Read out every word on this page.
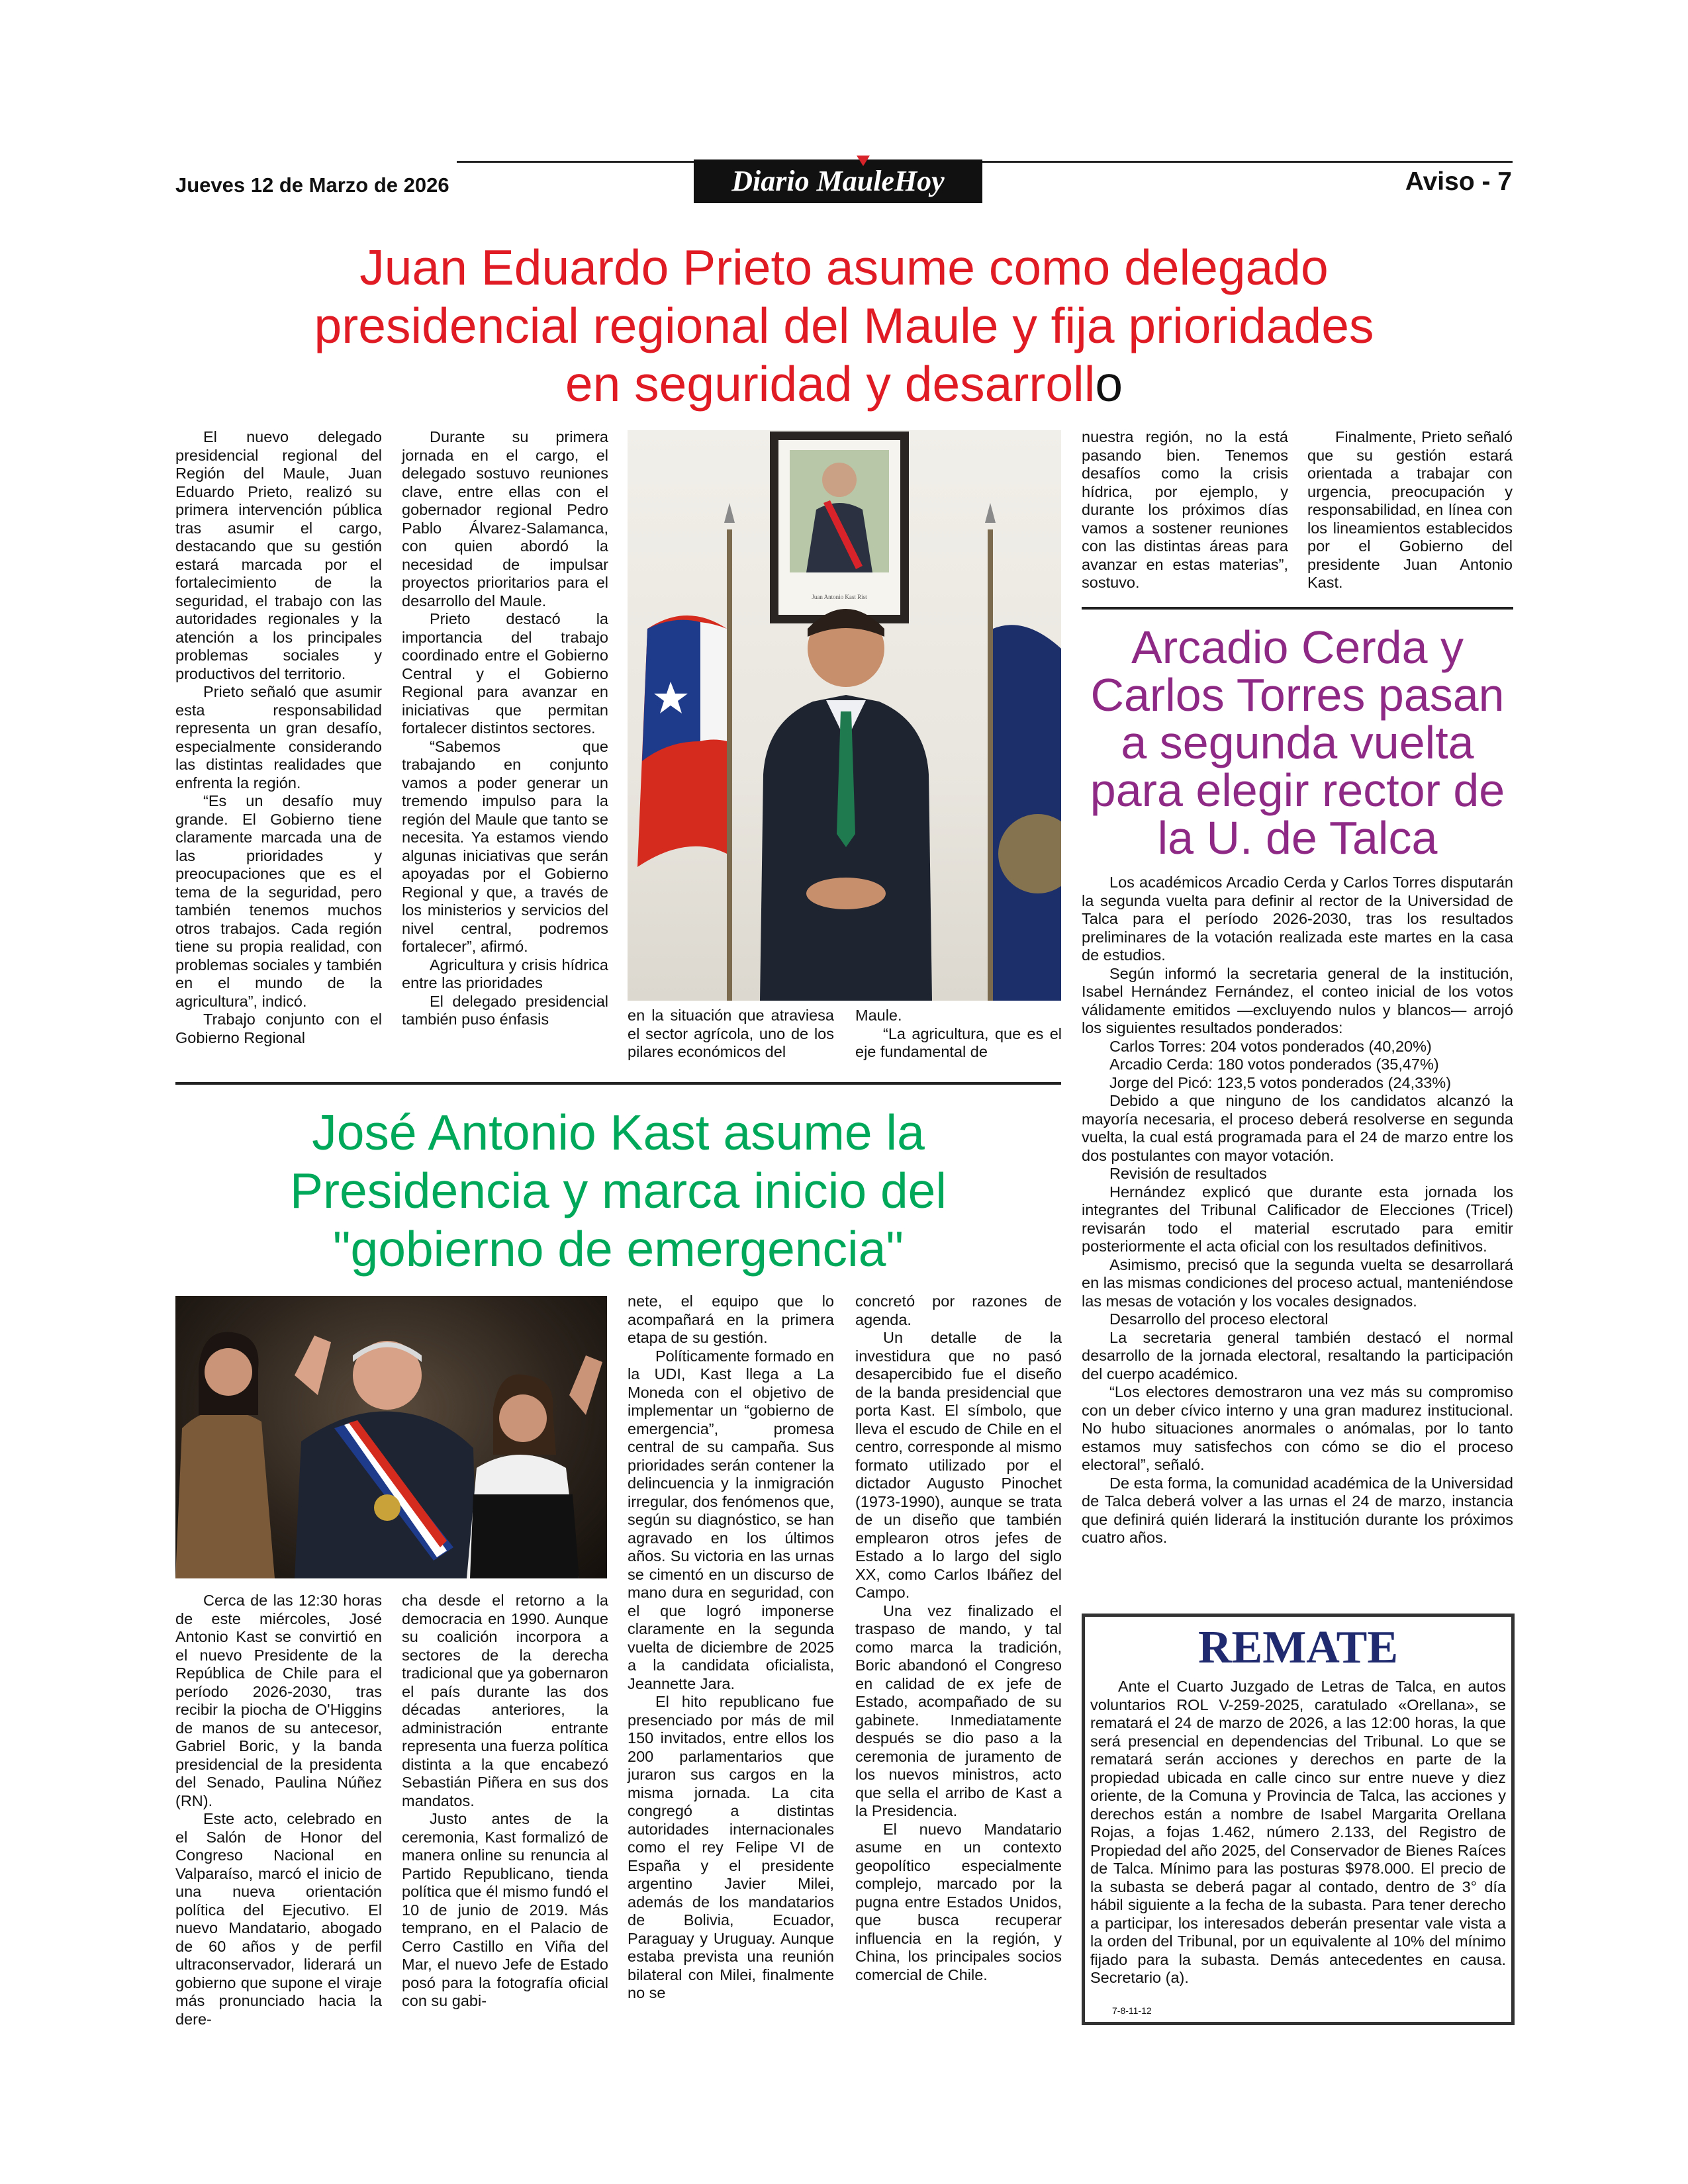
Jueves 12 de Marzo de 2026	Diario MauleHoy	Aviso - 7
Juan Eduardo Prieto asume como delegado
presidencial regional del Maule y fija prioridades
en seguridad y desarrollo

El nuevo delegado presidencial regional del Región del Maule, Juan Eduardo Prieto, realizó su primera intervención pública tras asumir el cargo, destacando que su gestión estará marcada por el fortalecimiento de la seguridad, el trabajo con las autoridades regionales y la atención a los principales problemas sociales y productivos del territorio.

Prieto señaló que asumir esta responsabilidad representa un gran desafío, especialmente considerando las distintas realidades que enfrenta la región.

“Es un desafío muy grande. El Gobierno tiene claramente marcada una de las prioridades y preocupaciones que es el tema de la seguridad, pero también tenemos muchos otros trabajos. Cada región tiene su propia realidad, con problemas sociales y también en el mundo de la agricultura”, indicó.

Trabajo conjunto con el Gobierno Regional

Durante su primera jornada en el cargo, el delegado sostuvo reuniones clave, entre ellas con el gobernador regional Pedro Pablo Álvarez-Salamanca, con quien abordó la necesidad de impulsar proyectos prioritarios para el desarrollo del Maule.

Prieto destacó la importancia del trabajo coordinado entre el Gobierno Central y el Gobierno Regional para avanzar en iniciativas que permitan fortalecer distintos sectores.

“Sabemos que trabajando en conjunto vamos a poder generar un tremendo impulso para la región del Maule que tanto se necesita. Ya estamos viendo algunas iniciativas que serán apoyadas por el Gobierno Regional y que, a través de los ministerios y servicios del nivel central, podremos fortalecer”, afirmó.

Agricultura y crisis hídrica entre las prioridades

El delegado presidencial también puso énfasis

Juan Antonio Kast Rist

en la situación que atraviesa el sector agrícola, uno de los pilares económicos del

Maule.

“La agricultura, que es el eje fundamental de

nuestra región, no la está pasando bien. Tenemos desafíos como la crisis hídrica, por ejemplo, y durante los próximos días vamos a sostener reuniones con las distintas áreas para avanzar en estas materias”, sostuvo.

Finalmente, Prieto señaló que su gestión estará orientada a trabajar con urgencia, preocupación y responsabilidad, en línea con los lineamientos establecidos por el Gobierno del presidente Juan Antonio Kast.

Arcadio Cerda y
Carlos Torres pasan
a segunda vuelta
para elegir rector de
la U. de Talca

Los académicos Arcadio Cerda y Carlos Torres disputarán la segunda vuelta para definir al rector de la Universidad de Talca para el período 2026-2030, tras los resultados preliminares de la votación realizada este martes en la casa de estudios.

Según informó la secretaria general de la institución, Isabel Hernández Fernández, el conteo inicial de los votos válidamente emitidos —excluyendo nulos y blancos— arrojó los siguientes resultados ponderados:

Carlos Torres: 204 votos ponderados (40,20%)

Arcadio Cerda: 180 votos ponderados (35,47%)

Jorge del Picó: 123,5 votos ponderados (24,33%)

Debido a que ninguno de los candidatos alcanzó la mayoría necesaria, el proceso deberá resolverse en segunda vuelta, la cual está programada para el 24 de marzo entre los dos postulantes con mayor votación.

Revisión de resultados

Hernández explicó que durante esta jornada los integrantes del Tribunal Calificador de Elecciones (Tricel) revisarán todo el material escrutado para emitir posteriormente el acta oficial con los resultados definitivos.

Asimismo, precisó que la segunda vuelta se desarrollará en las mismas condiciones del proceso actual, manteniéndose las mesas de votación y los vocales designados.

Desarrollo del proceso electoral

La secretaria general también destacó el normal desarrollo de la jornada electoral, resaltando la participación del cuerpo académico.

“Los electores demostraron una vez más su compromiso con un deber cívico interno y una gran madurez institucional. No hubo situaciones anormales o anómalas, por lo tanto estamos muy satisfechos con cómo se dio el proceso electoral”, señaló.

De esta forma, la comunidad académica de la Universidad de Talca deberá volver a las urnas el 24 de marzo, instancia que definirá quién liderará la institución durante los próximos cuatro años.

José Antonio Kast asume la
Presidencia y marca inicio del
"gobierno de emergencia"

Cerca de las 12:30 horas de este miércoles, José Antonio Kast se convirtió en el nuevo Presidente de la República de Chile para el período 2026-2030, tras recibir la piocha de O'Higgins de manos de su antecesor, Gabriel Boric, y la banda presidencial de la presidenta del Senado, Paulina Núñez (RN).

Este acto, celebrado en el Salón de Honor del Congreso Nacional en Valparaíso, marcó el inicio de una nueva orientación política del Ejecutivo. El nuevo Mandatario, abogado de 60 años y de perfil ultraconservador, liderará un gobierno que supone el viraje más pronunciado hacia la dere-

cha desde el retorno a la democracia en 1990. Aunque su coalición incorpora a sectores de la derecha tradicional que ya gobernaron el país durante las dos décadas anteriores, la administración entrante representa una fuerza política distinta a la que encabezó Sebastián Piñera en sus dos mandatos.

Justo antes de la ceremonia, Kast formalizó de manera online su renuncia al Partido Republicano, tienda política que él mismo fundó el 10 de junio de 2019. Más temprano, en el Palacio de Cerro Castillo en Viña del Mar, el nuevo Jefe de Estado posó para la fotografía oficial con su gabi-

nete, el equipo que lo acompañará en la primera etapa de su gestión.

Políticamente formado en la UDI, Kast llega a La Moneda con el objetivo de implementar un “gobierno de emergencia”, promesa central de su campaña. Sus prioridades serán contener la delincuencia y la inmigración irregular, dos fenómenos que, según su diagnóstico, se han agravado en los últimos años. Su victoria en las urnas se cimentó en un discurso de mano dura en seguridad, con el que logró imponerse claramente en la segunda vuelta de diciembre de 2025 a la candidata oficialista, Jeannette Jara.

El hito republicano fue presenciado por más de mil 150 invitados, entre ellos los 200 parlamentarios que juraron sus cargos en la misma jornada. La cita congregó a distintas autoridades internacionales como el rey Felipe VI de España y el presidente argentino Javier Milei, además de los mandatarios de Bolivia, Ecuador, Paraguay y Uruguay. Aunque estaba prevista una reunión bilateral con Milei, finalmente no se

concretó por razones de agenda.

Un detalle de la investidura que no pasó desapercibido fue el diseño de la banda presidencial que porta Kast. El símbolo, que lleva el escudo de Chile en el centro, corresponde al mismo formato utilizado por el dictador Augusto Pinochet (1973-1990), aunque se trata de un diseño que también emplearon otros jefes de Estado a lo largo del siglo XX, como Carlos Ibáñez del Campo.

Una vez finalizado el traspaso de mando, y tal como marca la tradición, Boric abandonó el Congreso en calidad de ex jefe de Estado, acompañado de su gabinete. Inmediatamente después se dio paso a la ceremonia de juramento de los nuevos ministros, acto que sella el arribo de Kast a la Presidencia.

El nuevo Mandatario asume en un contexto geopolítico especialmente complejo, marcado por la pugna entre Estados Unidos, que busca recuperar influencia en la región, y China, los principales socios comercial de Chile.

REMATE
Ante el Cuarto Juzgado de Letras de Talca, en autos voluntarios ROL V-259-2025, caratulado «Orellana», se rematará el 24 de marzo de 2026, a las 12:00 horas, la que será presencial en dependencias del Tribunal. Lo que se rematará serán acciones y derechos en parte de la propiedad ubicada en calle cinco sur entre nueve y diez oriente, de la Comuna y Provincia de Talca, las acciones y derechos están a nombre de Isabel Margarita Orellana Rojas, a fojas 1.462, número 2.133, del Registro de Propiedad del año 2025, del Conservador de Bienes Raíces de Talca. Mínimo para las posturas $978.000. El precio de la subasta se deberá pagar al contado, dentro de 3° día hábil siguiente a la fecha de la subasta. Para tener derecho a participar, los interesados deberán presentar vale vista a la orden del Tribunal, por un equivalente al 10% del mínimo fijado para la subasta. Demás antecedentes en causa. Secretario (a).
7-8-11-12
